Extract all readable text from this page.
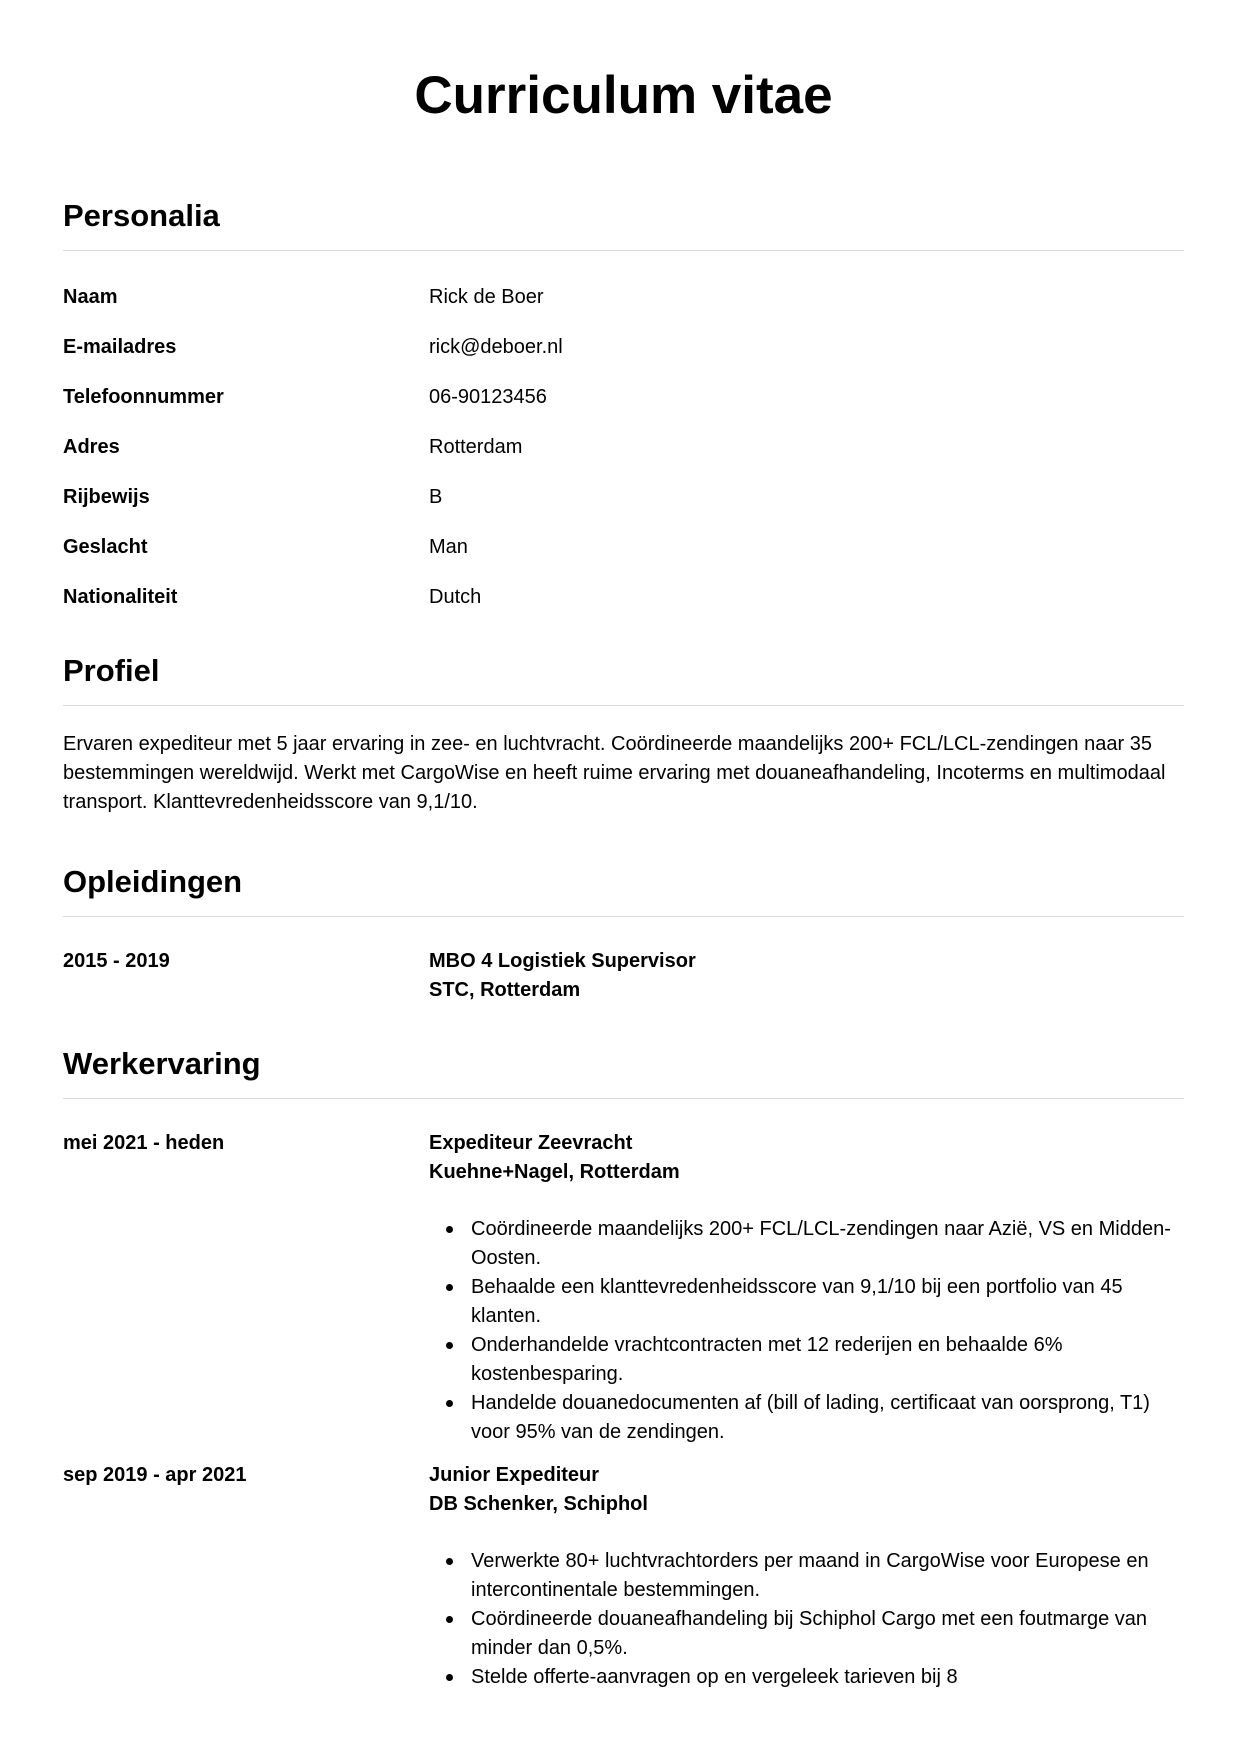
Curriculum vitae
Personalia
Naam	Rick de Boer
E-mailadres	rick@deboer.nl
Telefoonnummer	06-90123456
Adres	Rotterdam
Rijbewijs	B
Geslacht	Man
Nationaliteit	Dutch
Profiel

Ervaren expediteur met 5 jaar ervaring in zee- en luchtvracht. Coördineerde maandelijks 200+ FCL/LCL-zendingen naar 35 bestemmingen wereldwijd. Werkt met CargoWise en heeft ruime ervaring met douaneafhandeling, Incoterms en multimodaal transport. Klanttevredenheidsscore van 9,1/10.

Opleidingen
2015 - 2019	MBO 4 Logistiek Supervisor
STC, Rotterdam
Werkervaring
mei 2021 - heden	Expediteur Zeevracht
Kuehne+Nagel, Rotterdam
Coördineerde maandelijks 200+ FCL/LCL-zendingen naar Azië, VS en Midden-Oosten.
Behaalde een klanttevredenheidsscore van 9,1/10 bij een portfolio van 45 klanten.
Onderhandelde vrachtcontracten met 12 rederijen en behaalde 6% kostenbesparing.
Handelde douanedocumenten af (bill of lading, certificaat van oorsprong, T1) voor 95% van de zendingen.
sep 2019 - apr 2021	Junior Expediteur
DB Schenker, Schiphol
Verwerkte 80+ luchtvrachtorders per maand in CargoWise voor Europese en intercontinentale bestemmingen.
Coördineerde douaneafhandeling bij Schiphol Cargo met een foutmarge van minder dan 0,5%.
Stelde offerte-aanvragen op en vergeleek tarieven bij 8
